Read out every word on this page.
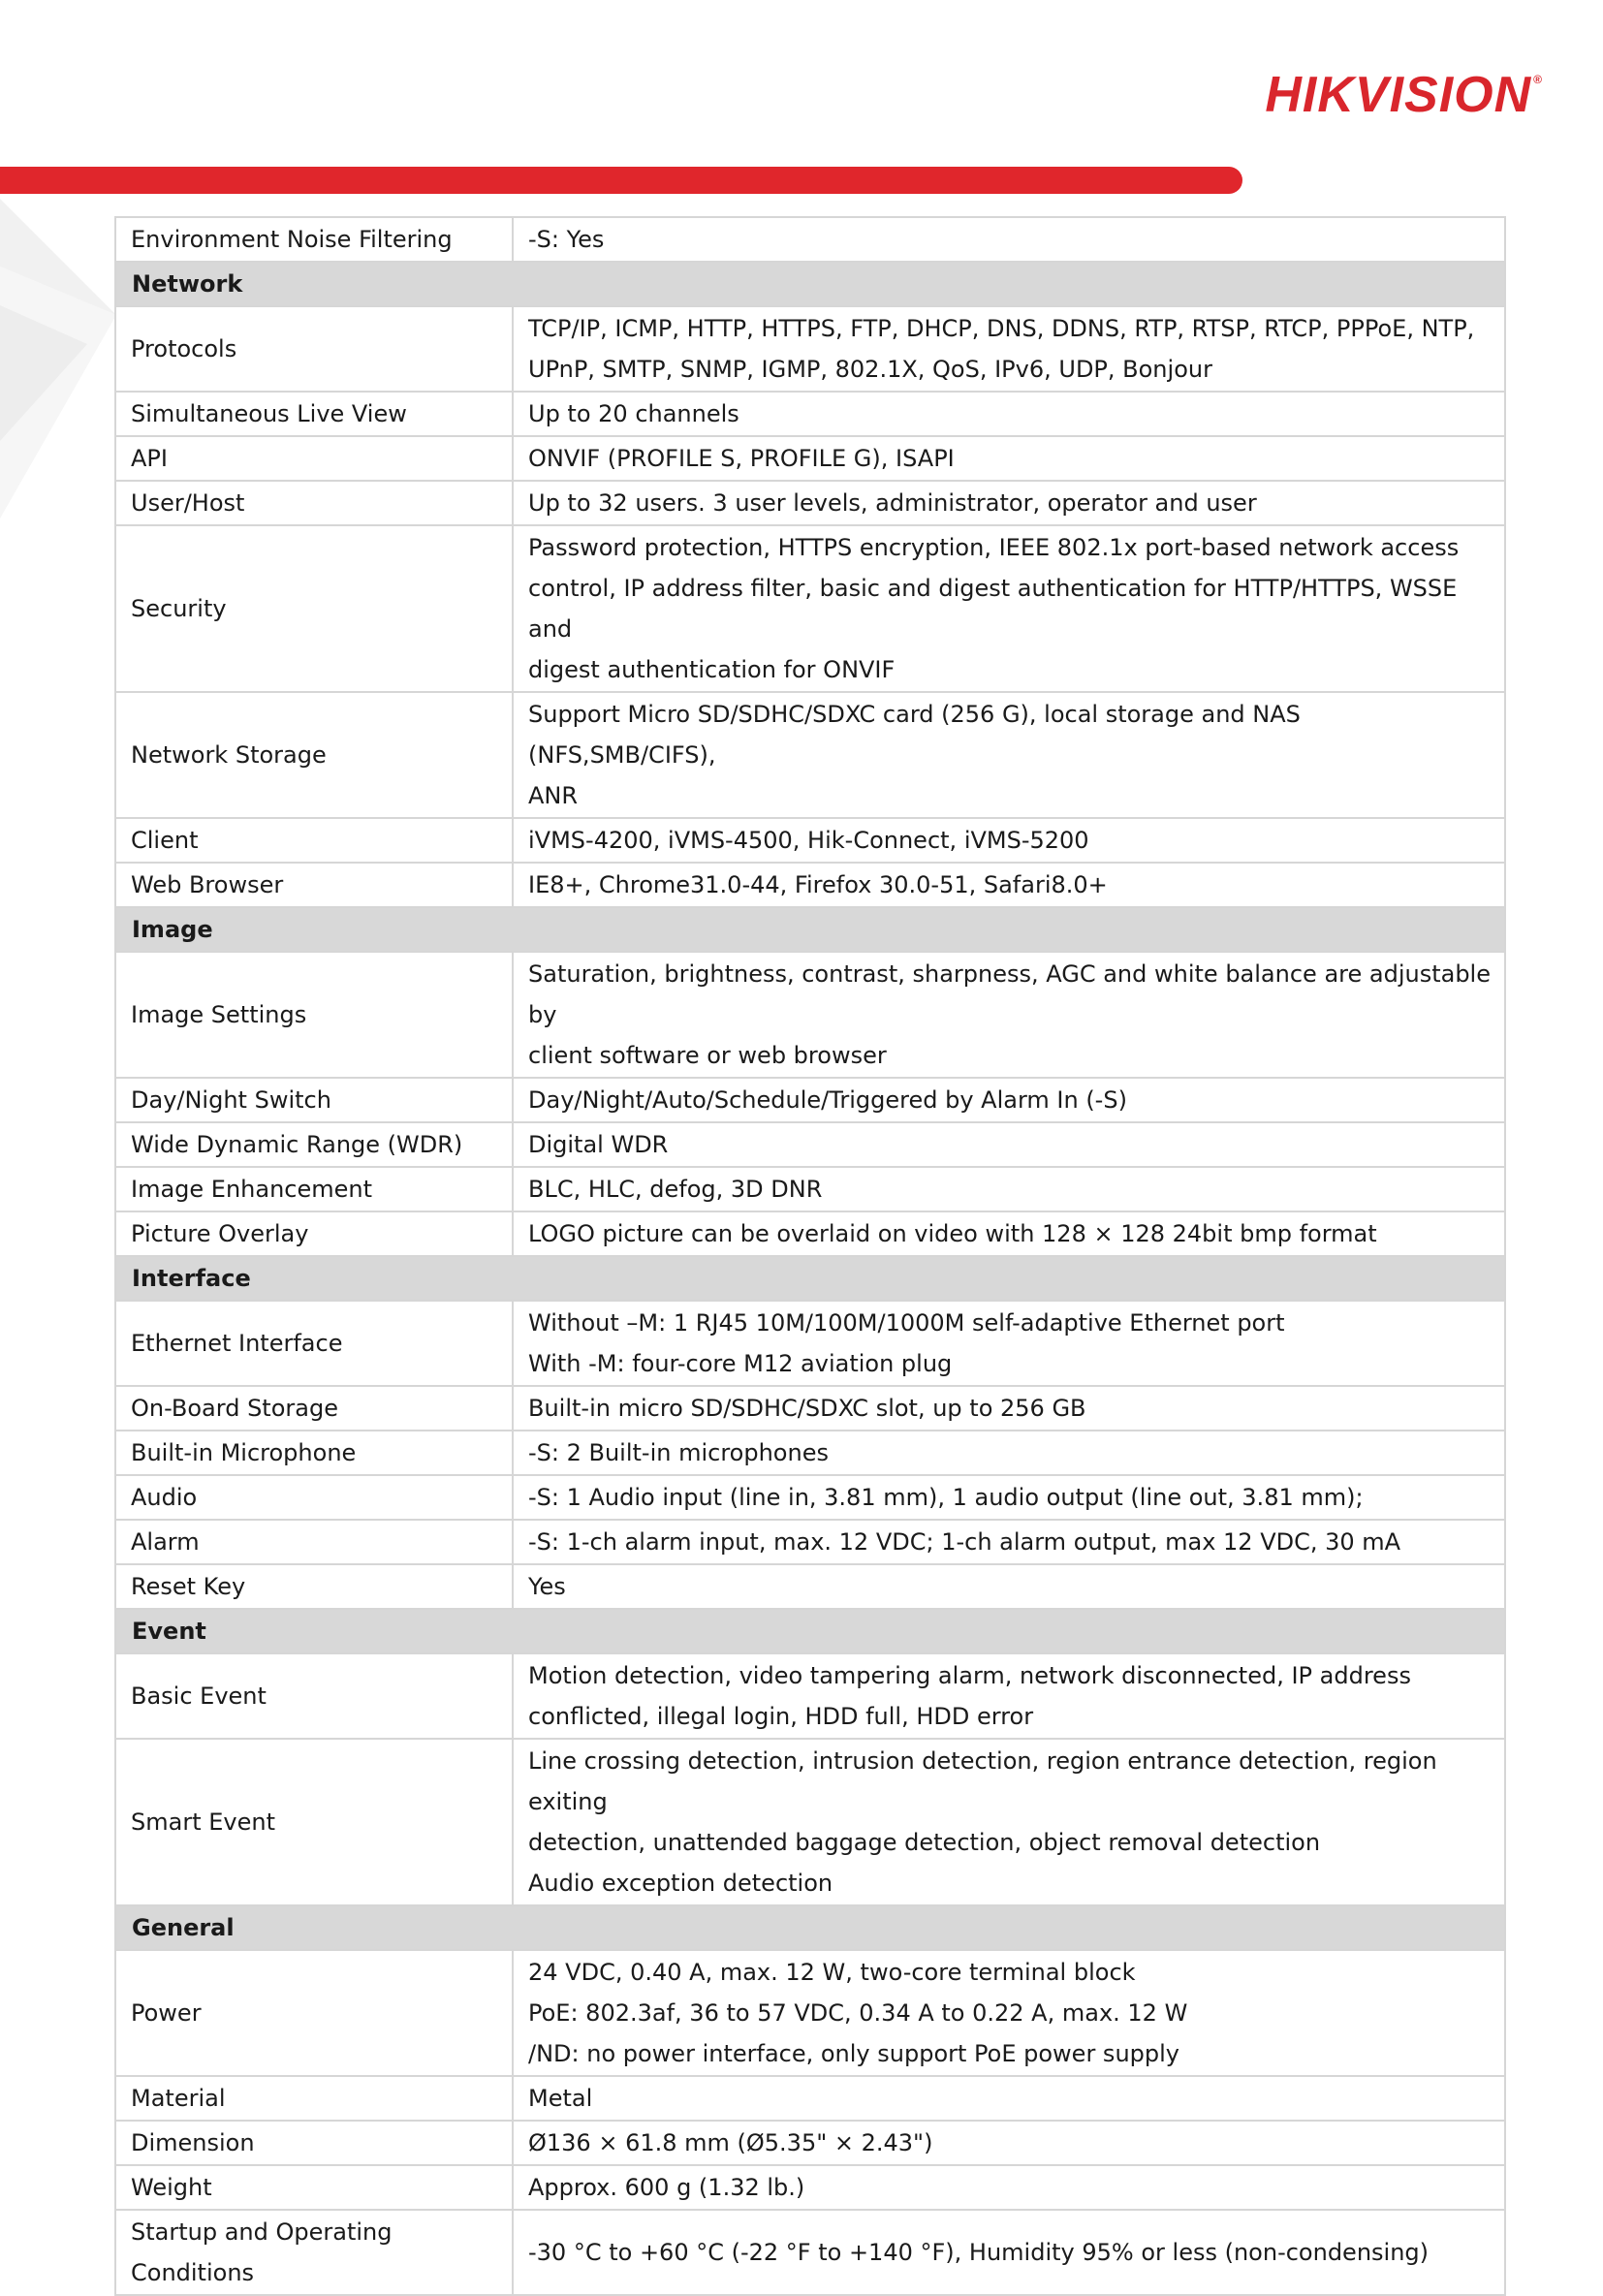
HIKVISION ®
Environment Noise Filtering	-S: Yes

Network	
Protocols	TCP/IP, ICMP, HTTP, HTTPS, FTP, DHCP, DNS, DDNS, RTP, RTSP, RTCP, PPPoE, NTP,
UPnP, SMTP, SNMP, IGMP, 802.1X, QoS, IPv6, UDP, Bonjour

Simultaneous Live View	Up to 20 channels

API	ONVIF (PROFILE S, PROFILE G), ISAPI

User/Host	Up to 32 users. 3 user levels, administrator, operator and user

Security	Password protection, HTTPS encryption, IEEE 802.1x port-based network access
control, IP address filter, basic and digest authentication for HTTP/HTTPS, WSSE and
digest authentication for ONVIF

Network Storage	Support Micro SD/SDHC/SDXC card (256 G), local storage and NAS (NFS,SMB/CIFS),
ANR

Client	iVMS-4200, iVMS-4500, Hik-Connect, iVMS-5200

Web Browser	IE8+, Chrome31.0-44, Firefox 30.0-51, Safari8.0+

Image	
Image Settings	Saturation, brightness, contrast, sharpness, AGC and white balance are adjustable by
client software or web browser

Day/Night Switch	Day/Night/Auto/Schedule/Triggered by Alarm In (-S)

Wide Dynamic Range (WDR)	Digital WDR

Image Enhancement	BLC, HLC, defog, 3D DNR

Picture Overlay	LOGO picture can be overlaid on video with 128 × 128 24bit bmp format

Interface	
Ethernet Interface	Without –M: 1 RJ45 10M/100M/1000M self-adaptive Ethernet port
With -M: four-core M12 aviation plug

On-Board Storage	Built-in micro SD/SDHC/SDXC slot, up to 256 GB

Built-in Microphone	-S: 2 Built-in microphones

Audio	-S: 1 Audio input (line in, 3.81 mm), 1 audio output (line out, 3.81 mm);

Alarm	-S: 1-ch alarm input, max. 12 VDC; 1-ch alarm output, max 12 VDC, 30 mA

Reset Key	Yes

Event	
Basic Event	Motion detection, video tampering alarm, network disconnected, IP address
conflicted, illegal login, HDD full, HDD error

Smart Event	Line crossing detection, intrusion detection, region entrance detection, region exiting
detection, unattended baggage detection, object removal detection
Audio exception detection

General	
Power	24 VDC, 0.40 A, max. 12 W, two-core terminal block
PoE: 802.3af, 36 to 57 VDC, 0.34 A to 0.22 A, max. 12 W
/ND: no power interface, only support PoE power supply

Material	Metal

Dimension	Ø136 × 61.8 mm (Ø5.35" × 2.43")

Weight	Approx. 600 g (1.32 lb.)

Startup and Operating Conditions	-30 °C to +60 °C (-22 °F to +140 °F), Humidity 95% or less (non-condensing)
